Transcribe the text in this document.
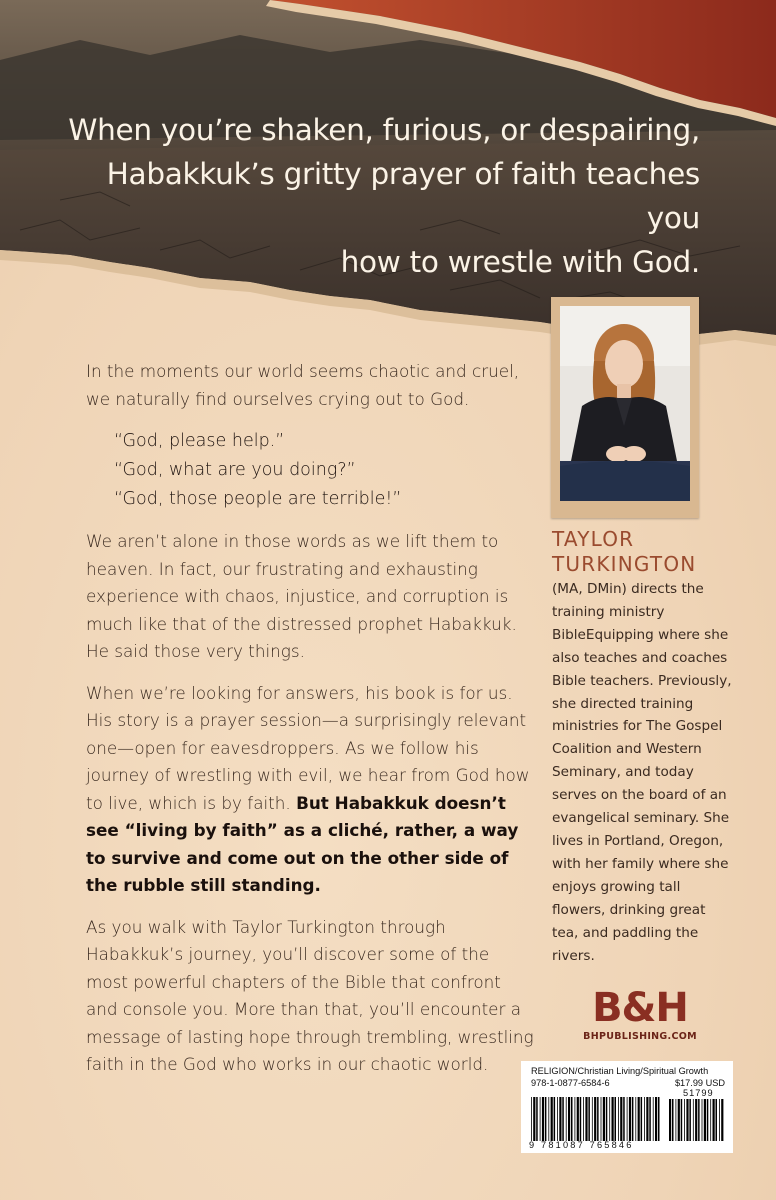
When you’re shaken, furious, or despairing,
Habakkuk’s gritty prayer of faith teaches you
how to wrestle with God.
TAYLOR
TURKINGTON
(MA, DMin) directs the training ministry BibleEquipping where she also teaches and coaches Bible teachers. Previously, she directed training ministries for The Gospel Coalition and Western Seminary, and today serves on the board of an evangelical seminary. She lives in Portland, Oregon, with her family where she enjoys growing tall flowers, drinking great tea, and paddling the rivers.

In the moments our world seems chaotic and cruel,
we naturally find ourselves crying out to God.

“God, please help.”
“God, what are you doing?”
“God, those people are terrible!”

We aren’t alone in those words as we lift them to heaven. In fact, our frustrating and exhausting experience with chaos, injustice, and corruption is much like that of the distressed prophet Habakkuk. He said those very things.

When we’re looking for answers, his book is for us. His story is a prayer session—a surprisingly relevant one—open for eavesdroppers. As we follow his journey of wrestling with evil, we hear from God how to live, which is by faith. But Habakkuk doesn’t see “living by faith” as a cliché, rather, a way to survive and come out on the other side of the rubble still standing.

As you walk with Taylor Turkington through Habakkuk’s journey, you’ll discover some of the most powerful chapters of the Bible that confront and console you. More than that, you’ll encounter a message of lasting hope through trembling, wrestling faith in the God who works in our chaotic world.

B&H
BHPUBLISHING.COM
RELIGION/Christian Living/Spiritual Growth
978-1-0877-6584-6	$17.99 USD
9 781087 765846
51799
